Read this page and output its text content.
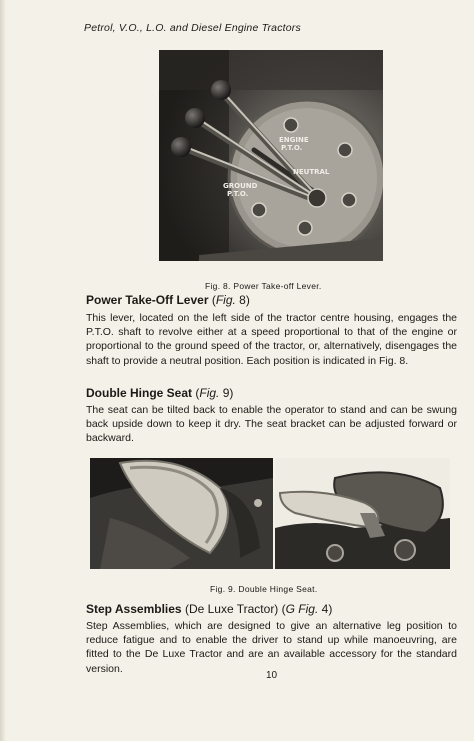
Petrol, V.O., L.O. and Diesel Engine Tractors
ENGINE
P.T.O.
NEUTRAL
GROUND
P.T.O.
Fig. 8. Power Take-off Lever.
Power Take-Off Lever (Fig. 8)

This lever, located on the left side of the tractor centre housing, engages the P.T.O. shaft to revolve either at a speed proportional to that of the engine or proportional to the ground speed of the tractor, or, alternatively, disengages the shaft to provide a neutral position. Each position is indicated in Fig. 8.

Double Hinge Seat (Fig. 9)

The seat can be tilted back to enable the operator to stand and can be swung back upside down to keep it dry. The seat bracket can be adjusted forward or backward.

Fig. 9. Double Hinge Seat.
Step Assemblies (De Luxe Tractor) (G Fig. 4)

Step Assemblies, which are designed to give an alternative leg position to reduce fatigue and to enable the driver to stand up while manoeuvring, are fitted to the De Luxe Tractor and are an available accessory for the standard version.

10
